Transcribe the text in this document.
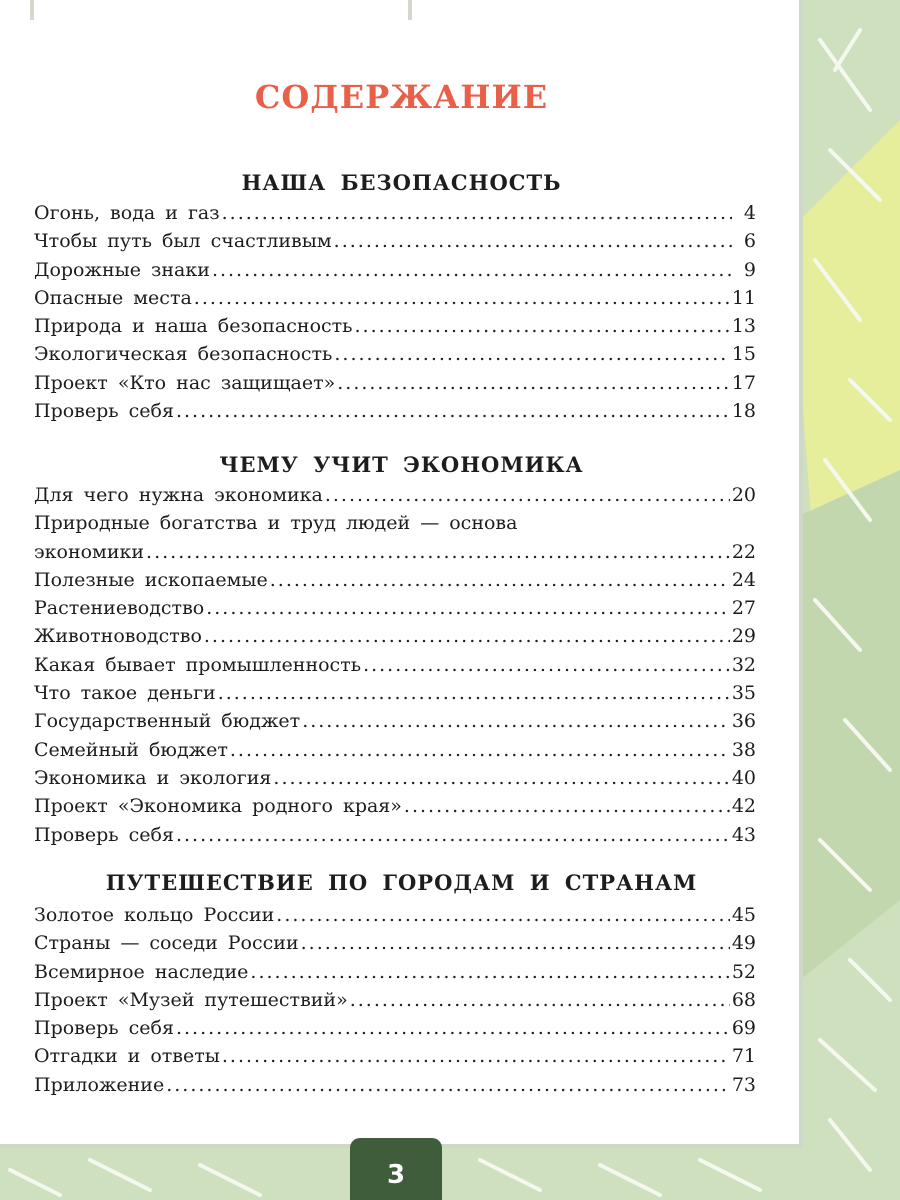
СОДЕРЖАНИЕ
НАША БЕЗОПАСНОСТЬ
Огонь, вода и газ .....	4
Чтобы путь был счастливым .....	6
Дорожные знаки .....	9
Опасные места .....	11
Природа и наша безопасность .....	13
Экологическая безопасность .....	15
Проект «Кто нас защищает» .....	17
Проверь себя .....	18
ЧЕМУ УЧИТ ЭКОНОМИКА
Для чего нужна экономика .....	20
Природные богатства и труд людей — основа
экономики .....	22
Полезные ископаемые .....	24
Растениеводство .....	27
Животноводство .....	29
Какая бывает промышленность .....	32
Что такое деньги .....	35
Государственный бюджет .....	36
Семейный бюджет .....	38
Экономика и экология .....	40
Проект «Экономика родного края» .....	42
Проверь себя .....	43
ПУТЕШЕСТВИЕ ПО ГОРОДАМ И СТРАНАМ
Золотое кольцо России .....	45
Страны — соседи России .....	49
Всемирное наследие .....	52
Проект «Музей путешествий» .....	68
Проверь себя .....	69
Отгадки и ответы .....	71
Приложение .....	73
3
